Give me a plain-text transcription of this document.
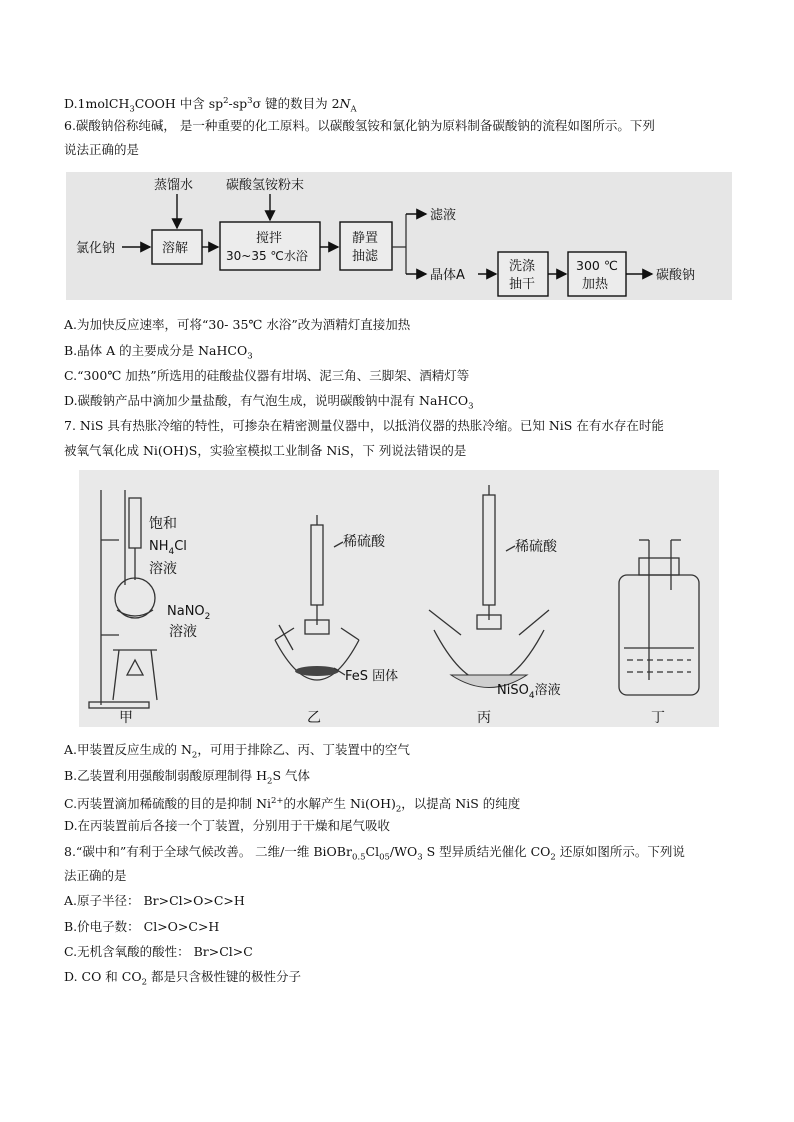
D.1molCH$_3$COOH 中含 $sp^2-sp^3\sigma$ 键的数目为 $2N_A$
6.碳酸钠俗称纯碱， 是一种重要的化工原料。以碳酸氢铵和氯化钠为原料制备碳酸钠的流程如图所示。下列
说法正确的是
氯化钠	溶解
蒸馏水
搅拌
30~35 ℃水浴
碳酸氢铵粉末
静置
抽滤
滤液
晶体A
洗涤
抽干
300 ℃
加热
碳酸钠
A.为加快反应速率，可将“30- 35℃ 水浴”改为酒精灯直接加热
B.晶体 A 的主要成分是 NaHCO$_3$
C.“300℃ 加热”所选用的硅酸盐仪器有坩埚、泥三角、三脚架、酒精灯等
D.碳酸钠产品中滴加少量盐酸，有气泡生成，说明碳酸钠中混有 NaHCO$_3$
7. NiS 具有热胀冷缩的特性，可掺杂在精密测量仪器中，以抵消仪器的热胀冷缩。已知 NiS 在有水存在时能
被氧气氧化成 Ni(OH)S，实验室模拟工业制备 NiS，下 列说法错误的是
饱和
$NH_4Cl$
溶液
NaNO$_2$
溶液
甲
稀硫酸
FeS 固体
乙
稀硫酸
NiSO$_4$溶液
丙	丁
A.甲装置反应生成的 $N_2$，可用于排除乙、丙、丁装置中的空气
B.乙装置利用强酸制弱酸原理制得 $H_2S$ 气体
C.丙装置滴加稀硫酸的目的是抑制 $Ni^{2+}$的水解产生 $Ni(OH)_2$，以提高 NiS 的纯度
D.在丙装置前后各接一个丁装置，分别用于干燥和尾气吸收
8.“碳中和”有利于全球气候改善。 二维/一维 $BiOBr_{0.5}Cl_{05}/WO_3$ S 型异质结光催化 $CO_2$ 还原如图所示。下列说
法正确的是
A.原子半径： Br>Cl>O>C>H
B.价电子数： Cl>O>C>H
C.无机含氧酸的酸性： Br>Cl>C
D. CO 和 $CO_2$ 都是只含极性键的极性分子
